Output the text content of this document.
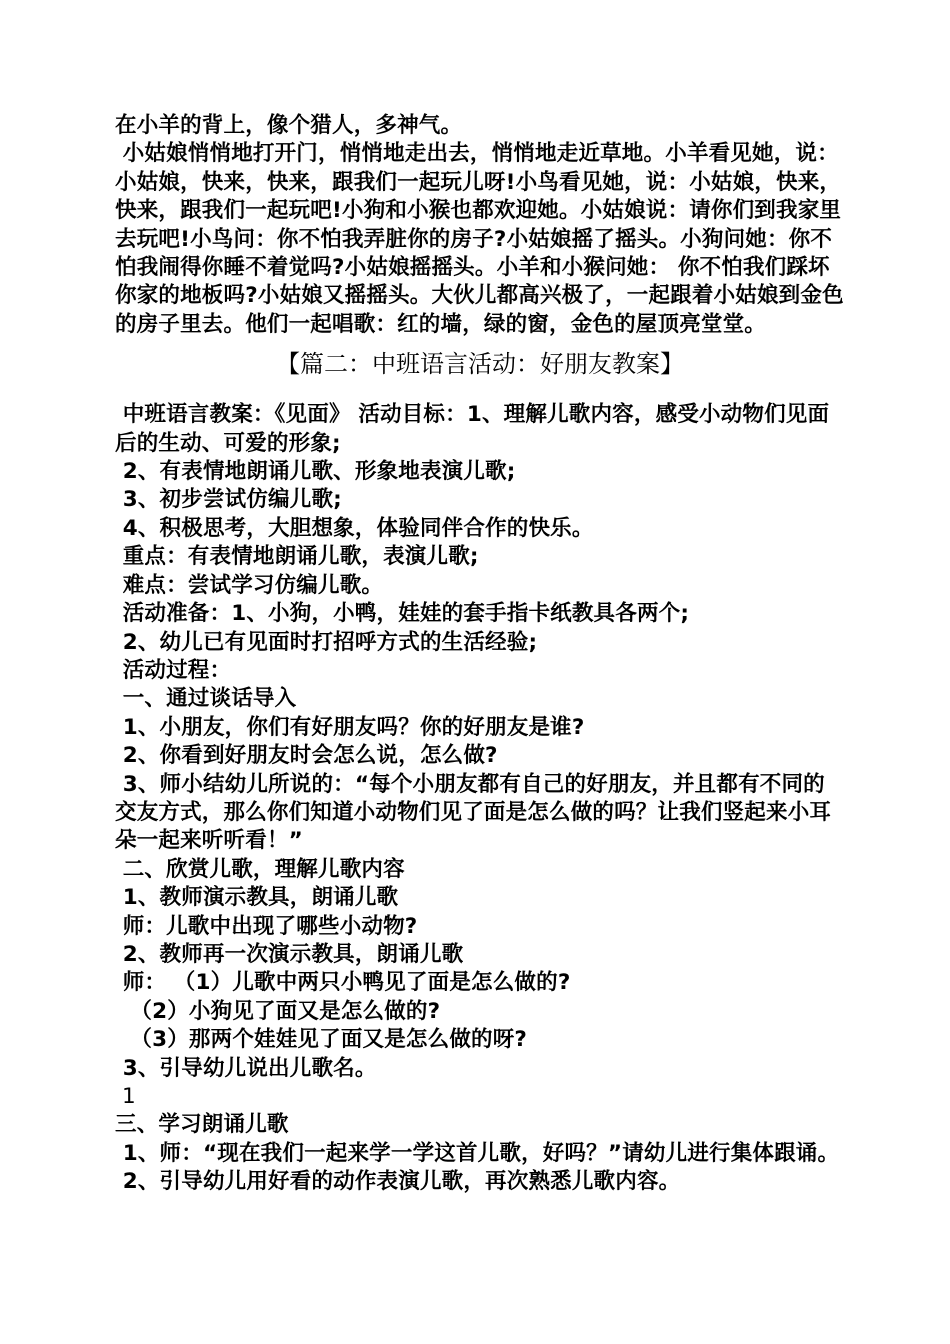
在小羊的背上，像个猎人，多神气。

小姑娘悄悄地打开门，悄悄地走出去，悄悄地走近草地。小羊看见她，说：小姑娘，快来，快来，跟我们一起玩儿呀!小鸟看见她，说：小姑娘，快来，快来，跟我们一起玩吧!小狗和小猴也都欢迎她。小姑娘说：请你们到我家里去玩吧!小鸟问：你不怕我弄脏你的房子?小姑娘摇了摇头。小狗问她：你不怕我闹得你睡不着觉吗?小姑娘摇摇头。小羊和小猴问她： 你不怕我们踩坏你家的地板吗?小姑娘又摇摇头。大伙儿都高兴极了，一起跟着小姑娘到金色的房子里去。他们一起唱歌：红的墙，绿的窗，金色的屋顶亮堂堂。

【篇二：中班语言活动：好朋友教案】

中班语言教案：《见面》 活动目标：1、理解儿歌内容，感受小动物们见面后的生动、可爱的形象;

2、有表情地朗诵儿歌、形象地表演儿歌;

3、初步尝试仿编儿歌;

4、积极思考，大胆想象，体验同伴合作的快乐。

重点：有表情地朗诵儿歌，表演儿歌;

难点：尝试学习仿编儿歌。

活动准备：1、小狗，小鸭，娃娃的套手指卡纸教具各两个;

2、幼儿已有见面时打招呼方式的生活经验;

活动过程：

一、通过谈话导入

1、小朋友，你们有好朋友吗？你的好朋友是谁?

2、你看到好朋友时会怎么说，怎么做?

3、师小结幼儿所说的：“每个小朋友都有自己的好朋友，并且都有不同的交友方式，那么你们知道小动物们见了面是怎么做的吗？让我们竖起来小耳朵一起来听听看！”

二、欣赏儿歌，理解儿歌内容

1、教师演示教具，朗诵儿歌

师：儿歌中出现了哪些小动物?

2、教师再一次演示教具，朗诵儿歌

师： （1）儿歌中两只小鸭见了面是怎么做的?

（2）小狗见了面又是怎么做的?

（3）那两个娃娃见了面又是怎么做的呀?

3、引导幼儿说出儿歌名。

1

三、学习朗诵儿歌

1、师：“现在我们一起来学一学这首儿歌，好吗？”请幼儿进行集体跟诵。

2、引导幼儿用好看的动作表演儿歌，再次熟悉儿歌内容。
